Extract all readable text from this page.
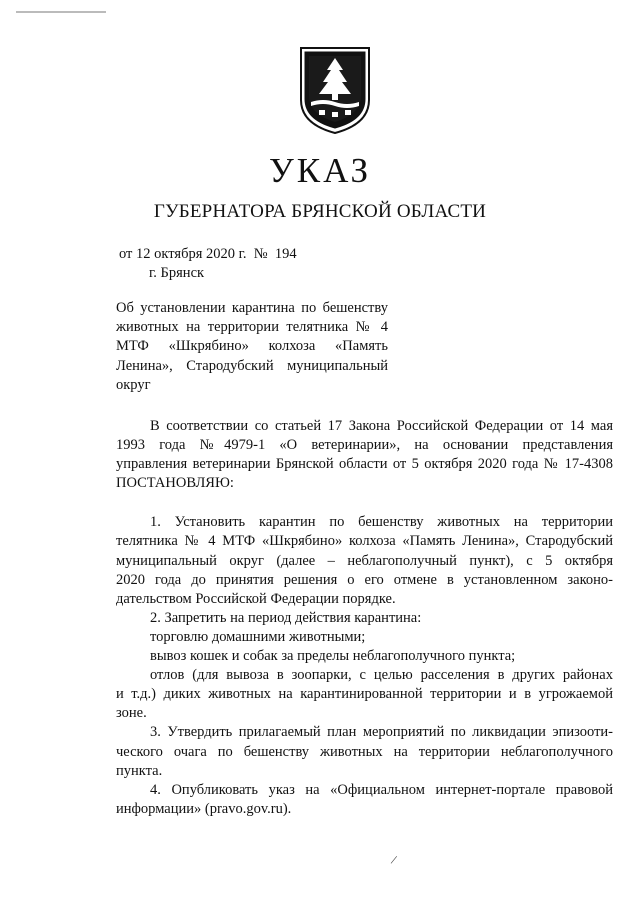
УКАЗ
ГУБЕРНАТОРА БРЯНСКОЙ ОБЛАСТИ
от 12 октября 2020 г.  №  194
г. Брянск
Об установлении карантина по бешенству
животных на территории телятника № 4
МТФ «Шкрябино» колхоза «Память
Ленина», Стародубский муниципальный
округ
В соответствии со статьей 17 Закона Российской Федерации от 14 мая
1993 года №4979-1 «О ветеринарии», на основании представления
управления ветеринарии Брянской области от 5 октября 2020 года № 17-4308
ПОСТАНОВЛЯЮ:
1. Установить карантин по бешенству животных на территории
телятника № 4 МТФ «Шкрябино» колхоза «Память Ленина», Стародубский
муниципальный округ (далее – неблагополучный пункт), с 5 октября
2020 года до принятия решения о его отмене в установленном законо-
дательством Российской Федерации порядке.
2. Запретить на период действия карантина:
торговлю домашними животными;
вывоз кошек и собак за пределы неблагополучного пункта;
отлов (для вывоза в зоопарки, с целью расселения в других районах
и т.д.) диких животных на карантинированной территории и в угрожаемой
зоне.
3. Утвердить прилагаемый план мероприятий по ликвидации эпизооти-
ческого очага по бешенству животных на территории неблагополучного
пункта.
4. Опубликовать указ на «Официальном интернет-портале правовой
информации» (pravo.gov.ru).
/
